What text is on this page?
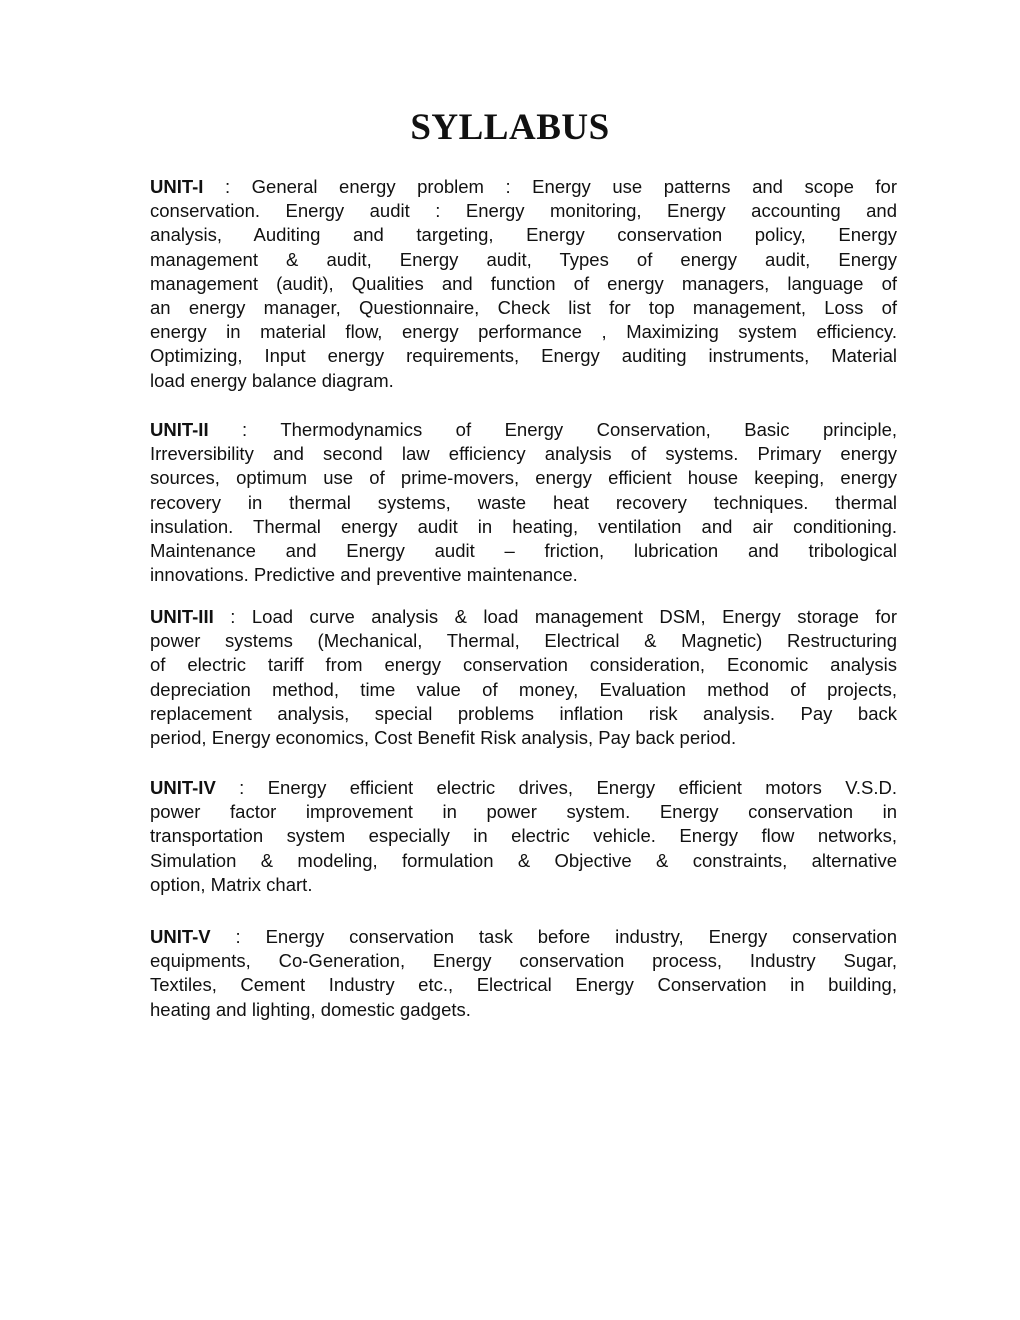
SYLLABUS
UNIT-I : General energy problem : Energy use patterns and scope for
conservation. Energy audit : Energy monitoring, Energy accounting and
analysis, Auditing and targeting, Energy conservation policy, Energy
management & audit, Energy audit, Types of energy audit, Energy
management (audit), Qualities and function of energy managers, language of
an energy manager, Questionnaire, Check list for top management, Loss of
energy in material flow, energy performance , Maximizing system efficiency.
Optimizing, Input energy requirements, Energy auditing instruments, Material
load energy balance diagram.
UNIT-II : Thermodynamics of Energy Conservation, Basic principle,
Irreversibility and second law efficiency analysis of systems. Primary energy
sources, optimum use of prime-movers, energy efficient house keeping, energy
recovery in thermal systems, waste heat recovery techniques. thermal
insulation. Thermal energy audit in heating, ventilation and air conditioning.
Maintenance and Energy audit – friction, lubrication and tribological
innovations. Predictive and preventive maintenance.
UNIT-III : Load curve analysis & load management DSM, Energy storage for
power systems (Mechanical, Thermal, Electrical & Magnetic) Restructuring
of electric tariff from energy conservation consideration, Economic analysis
depreciation method, time value of money, Evaluation method of projects,
replacement analysis, special problems inflation risk analysis. Pay back
period, Energy economics, Cost Benefit Risk analysis, Pay back period.
UNIT-IV : Energy efficient electric drives, Energy efficient motors V.S.D.
power factor improvement in power system. Energy conservation in
transportation system especially in electric vehicle. Energy flow networks,
Simulation & modeling, formulation & Objective & constraints, alternative
option, Matrix chart.
UNIT-V : Energy conservation task before industry, Energy conservation
equipments, Co-Generation, Energy conservation process, Industry Sugar,
Textiles, Cement Industry etc., Electrical Energy Conservation in building,
heating and lighting, domestic gadgets.
